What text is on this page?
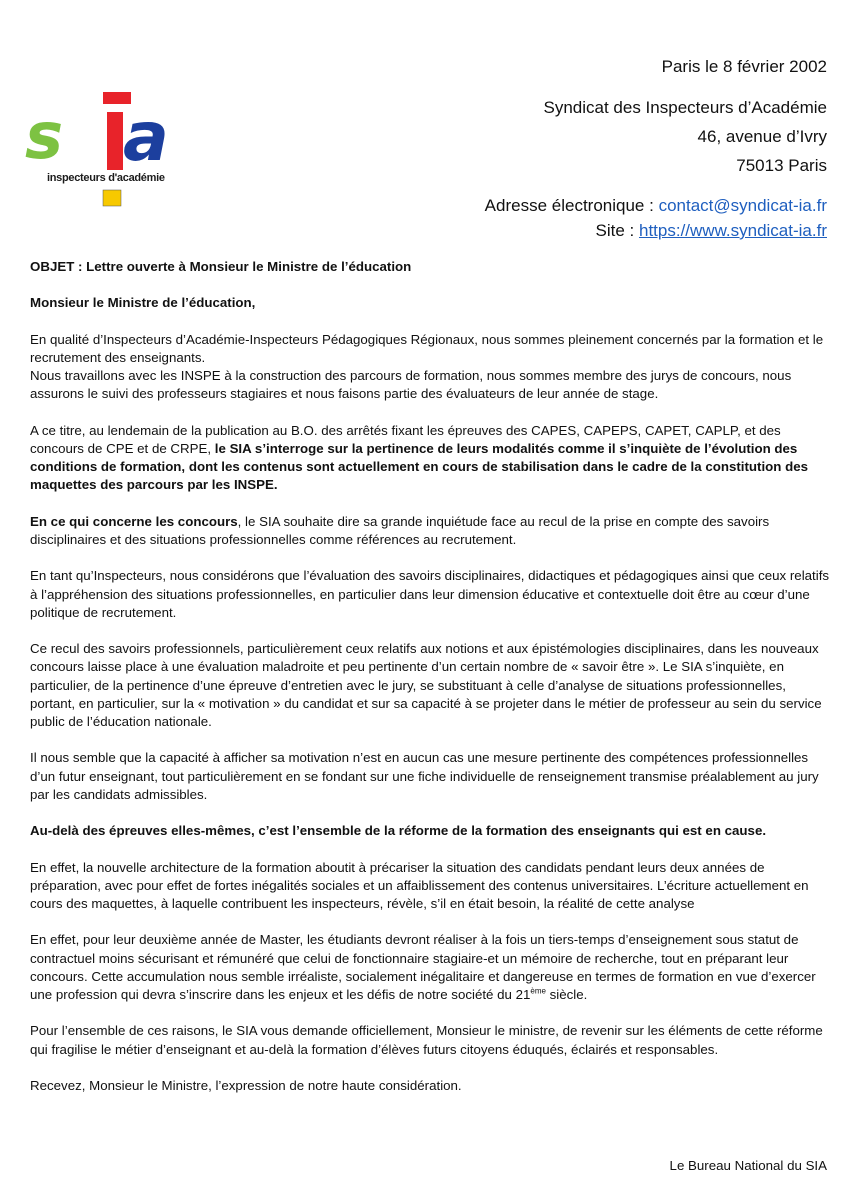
Paris le 8 février 2002
Syndicat des Inspecteurs d’Académie
46, avenue d’Ivry
75013 Paris
Adresse électronique : contact@syndicat-ia.fr
Site : https://www.syndicat-ia.fr
s a
inspecteurs d'académie

OBJET : Lettre ouverte à Monsieur le Ministre de l’éducation

Monsieur le Ministre de l’éducation,

En qualité d’Inspecteurs d’Académie-Inspecteurs Pédagogiques Régionaux, nous sommes pleinement concernés par la formation et le recrutement des enseignants.

Nous travaillons avec les INSPE à la construction des parcours de formation, nous sommes membre des jurys de concours, nous assurons le suivi des professeurs stagiaires et nous faisons partie des évaluateurs de leur année de stage.

A ce titre, au lendemain de la publication au B.O. des arrêtés fixant les épreuves des CAPES, CAPEPS, CAPET, CAPLP, et des concours de CPE et de CRPE, le SIA s’interroge sur la pertinence de leurs modalités comme il s’inquiète de l’évolution des conditions de formation, dont les contenus sont actuellement en cours de stabilisation dans le cadre de la constitution des maquettes des parcours par les INSPE.

En ce qui concerne les concours, le SIA souhaite dire sa grande inquiétude face au recul de la prise en compte des savoirs disciplinaires et des situations professionnelles comme références au recrutement.

En tant qu’Inspecteurs, nous considérons que l’évaluation des savoirs disciplinaires, didactiques et pédagogiques ainsi que ceux relatifs à l’appréhension des situations professionnelles, en particulier dans leur dimension éducative et contextuelle doit être au cœur d’une politique de recrutement.

Ce recul des savoirs professionnels, particulièrement ceux relatifs aux notions et aux épistémologies disciplinaires, dans les nouveaux concours laisse place à une évaluation maladroite et peu pertinente d’un certain nombre de « savoir être ». Le SIA s’inquiète, en particulier, de la pertinence d’une épreuve d’entretien avec le jury, se substituant à celle d’analyse de situations professionnelles, portant, en particulier, sur la « motivation » du candidat et sur sa capacité à se projeter dans le métier de professeur au sein du service public de l’éducation nationale.

Il nous semble que la capacité à afficher sa motivation n’est en aucun cas une mesure pertinente des compétences professionnelles d’un futur enseignant, tout particulièrement en se fondant sur une fiche individuelle de renseignement transmise préalablement au jury par les candidats admissibles.

Au-delà des épreuves elles-mêmes, c’est l’ensemble de la réforme de la formation des enseignants qui est en cause.

En effet, la nouvelle architecture de la formation aboutit à précariser la situation des candidats pendant leurs deux années de préparation, avec pour effet de fortes inégalités sociales et un affaiblissement des contenus universitaires. L’écriture actuellement en cours des maquettes, à laquelle contribuent les inspecteurs, révèle, s’il en était besoin, la réalité de cette analyse

En effet, pour leur deuxième année de Master, les étudiants devront réaliser à la fois un tiers-temps d’enseignement sous statut de contractuel moins sécurisant et rémunéré que celui de fonctionnaire stagiaire-et un mémoire de recherche, tout en préparant leur concours. Cette accumulation nous semble irréaliste, socialement inégalitaire et dangereuse en termes de formation en vue d’exercer une profession qui devra s’inscrire dans les enjeux et les défis de notre société du 21ème siècle.

Pour l’ensemble de ces raisons, le SIA vous demande officiellement, Monsieur le ministre, de revenir sur les éléments de cette réforme qui fragilise le métier d’enseignant et au-delà la formation d’élèves futurs citoyens éduqués, éclairés et responsables.

Recevez, Monsieur le Ministre, l’expression de notre haute considération.

Le Bureau National du SIA
